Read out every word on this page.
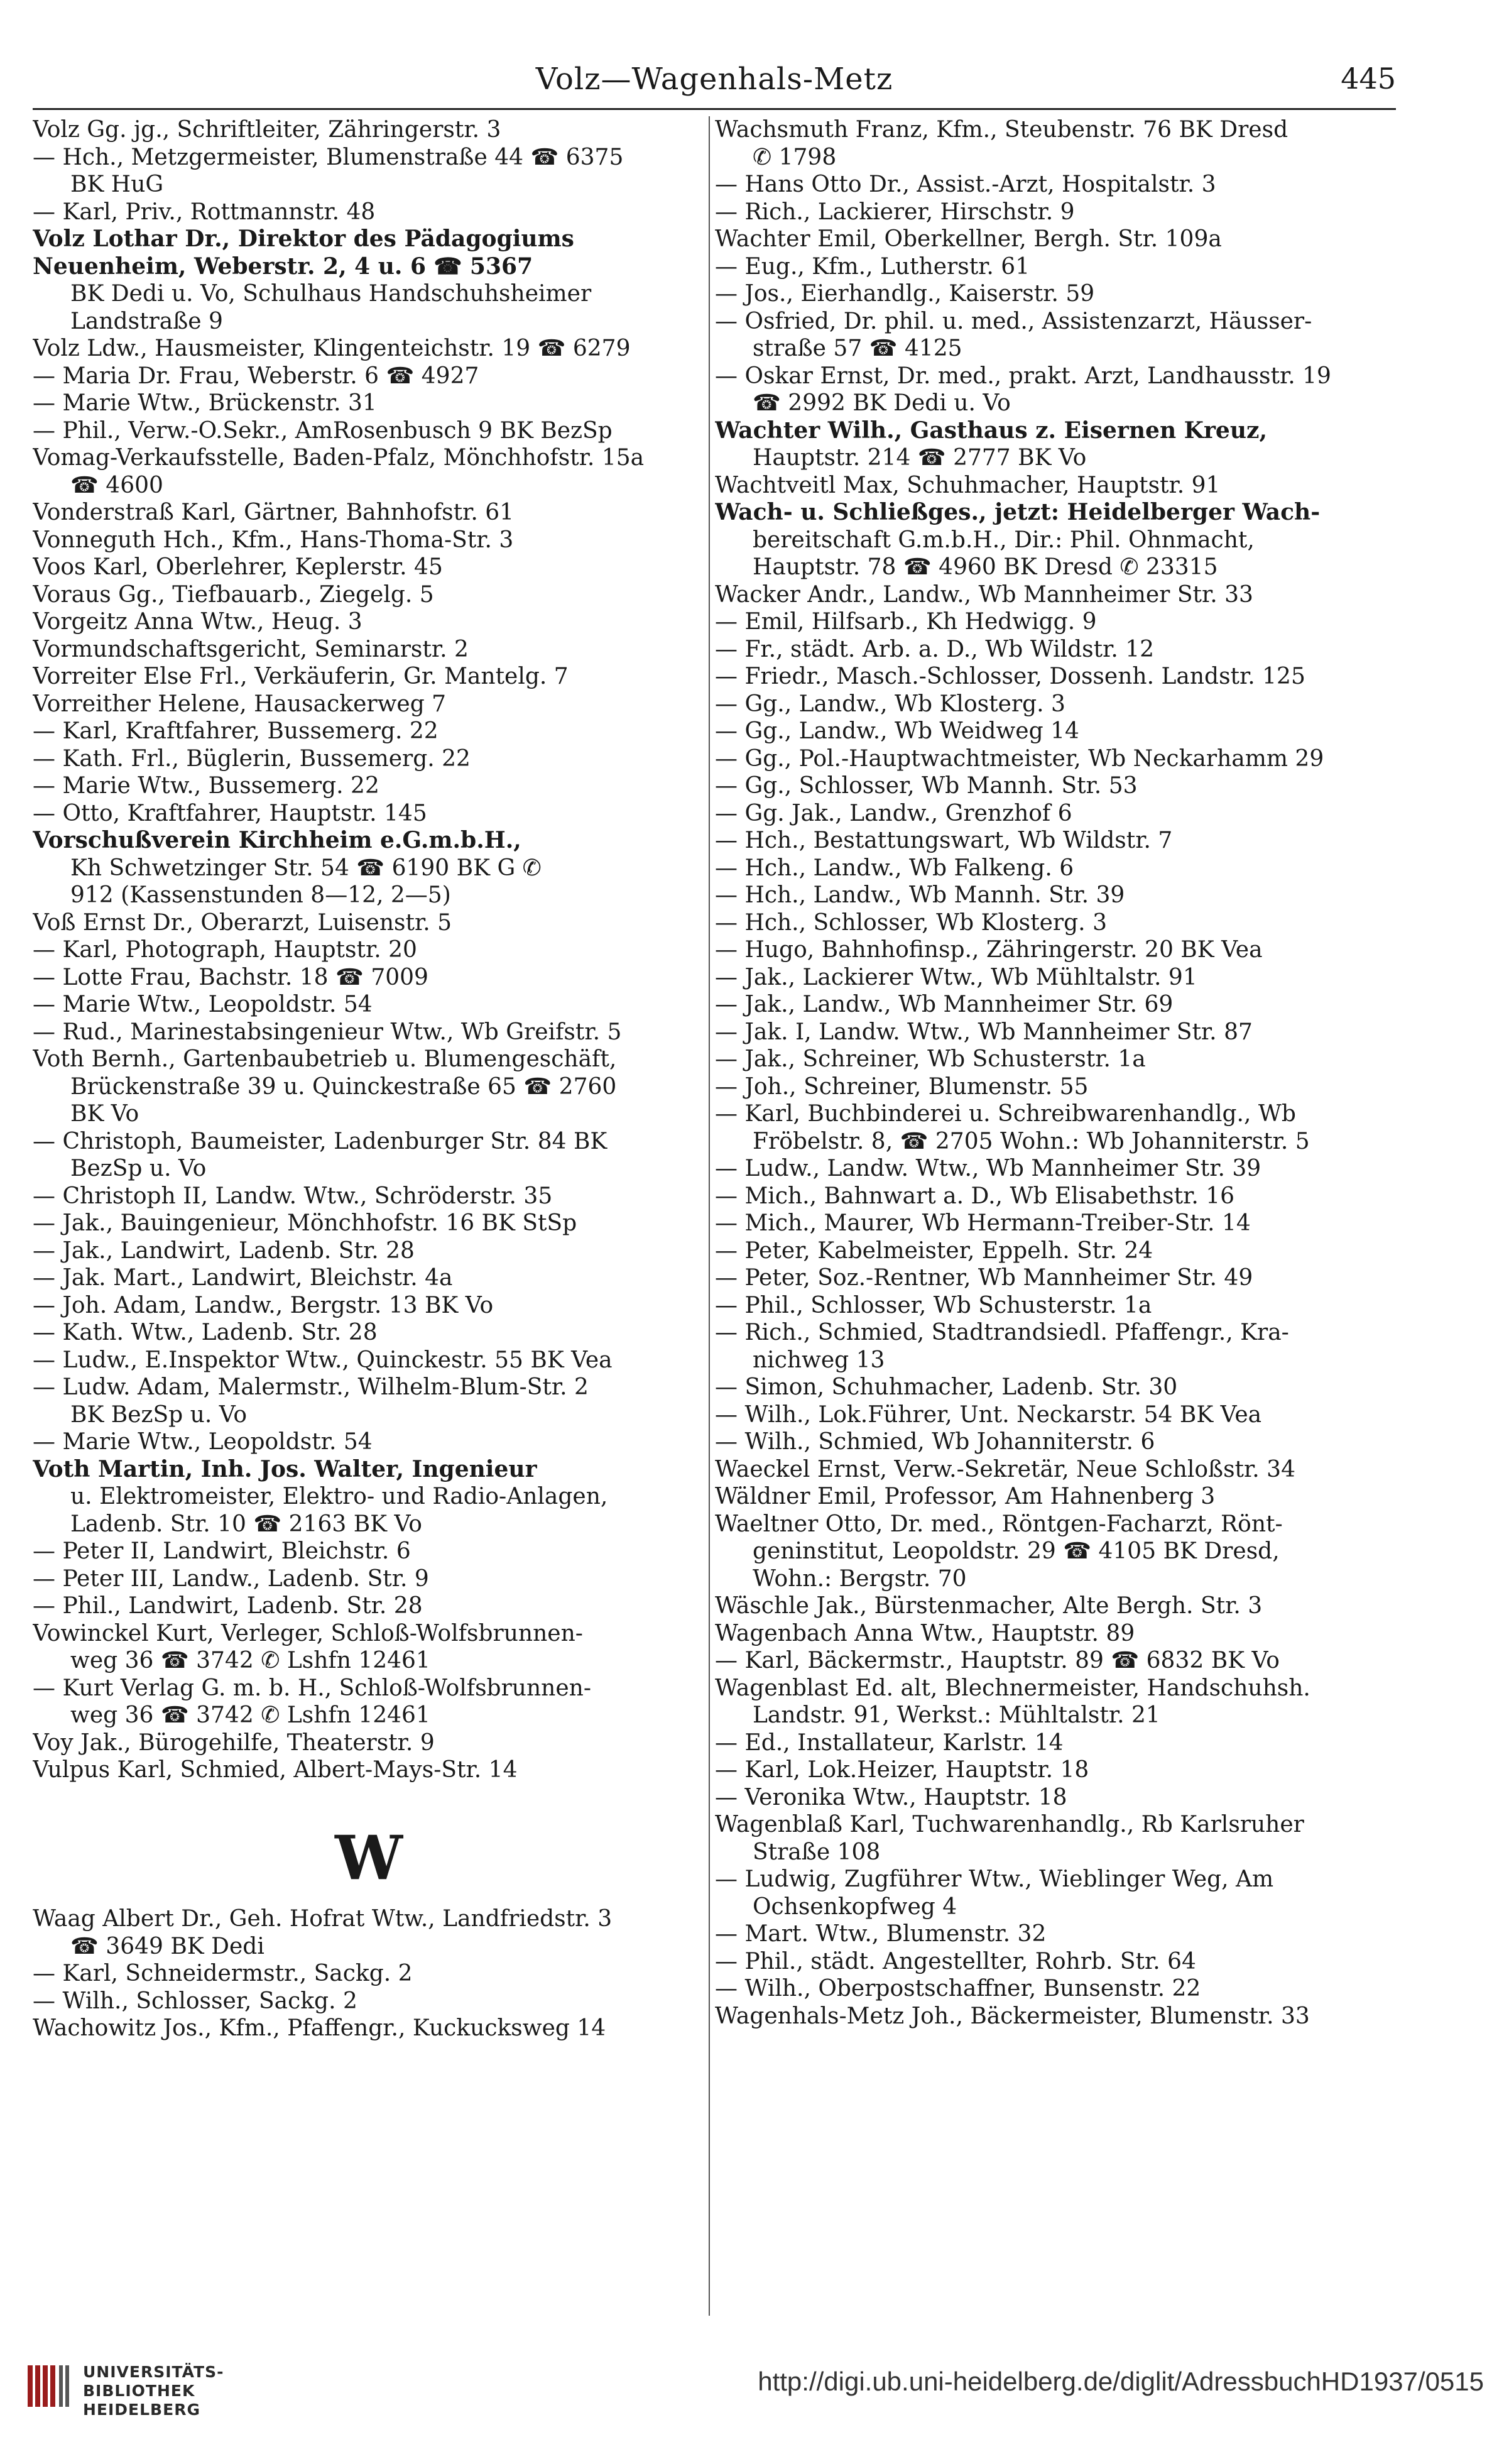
Volz—Wagenhals-Metz	445
Volz Gg. jg., Schriftleiter, Zähringerstr. 3
— Hch., Metzgermeister, Blumenstraße 44 ☎ 6375
BK HuG
— Karl, Priv., Rottmannstr. 48
Volz Lothar Dr., Direktor des Pädagogiums
Neuenheim, Weberstr. 2, 4 u. 6 ☎ 5367
BK Dedi u. Vo, Schulhaus Handschuhsheimer
Landstraße 9
Volz Ldw., Hausmeister, Klingenteichstr. 19 ☎ 6279
— Maria Dr. Frau, Weberstr. 6 ☎ 4927
— Marie Wtw., Brückenstr. 31
— Phil., Verw.-O.Sekr., AmRosenbusch 9 BK BezSp
Vomag-Verkaufsstelle, Baden-Pfalz, Mönchhofstr. 15a
☎ 4600
Vonderstraß Karl, Gärtner, Bahnhofstr. 61
Vonneguth Hch., Kfm., Hans-Thoma-Str. 3
Voos Karl, Oberlehrer, Keplerstr. 45
Voraus Gg., Tiefbauarb., Ziegelg. 5
Vorgeitz Anna Wtw., Heug. 3
Vormundschaftsgericht, Seminarstr. 2
Vorreiter Else Frl., Verkäuferin, Gr. Mantelg. 7
Vorreither Helene, Hausackerweg 7
— Karl, Kraftfahrer, Bussemerg. 22
— Kath. Frl., Büglerin, Bussemerg. 22
— Marie Wtw., Bussemerg. 22
— Otto, Kraftfahrer, Hauptstr. 145
Vorschußverein Kirchheim e.G.m.b.H.,
Kh Schwetzinger Str. 54 ☎ 6190 BK G ✆
912 (Kassenstunden 8—12, 2—5)
Voß Ernst Dr., Oberarzt, Luisenstr. 5
— Karl, Photograph, Hauptstr. 20
— Lotte Frau, Bachstr. 18 ☎ 7009
— Marie Wtw., Leopoldstr. 54
— Rud., Marinestabsingenieur Wtw., Wb Greifstr. 5
Voth Bernh., Gartenbaubetrieb u. Blumengeschäft,
Brückenstraße 39 u. Quinckestraße 65 ☎ 2760
BK Vo
— Christoph, Baumeister, Ladenburger Str. 84 BK
BezSp u. Vo
— Christoph II, Landw. Wtw., Schröderstr. 35
— Jak., Bauingenieur, Mönchhofstr. 16 BK StSp
— Jak., Landwirt, Ladenb. Str. 28
— Jak. Mart., Landwirt, Bleichstr. 4a
— Joh. Adam, Landw., Bergstr. 13 BK Vo
— Kath. Wtw., Ladenb. Str. 28
— Ludw., E.Inspektor Wtw., Quinckestr. 55 BK Vea
— Ludw. Adam, Malermstr., Wilhelm-Blum-Str. 2
BK BezSp u. Vo
— Marie Wtw., Leopoldstr. 54
Voth Martin, Inh. Jos. Walter, Ingenieur
u. Elektromeister, Elektro- und Radio-Anlagen,
Ladenb. Str. 10 ☎ 2163 BK Vo
— Peter II, Landwirt, Bleichstr. 6
— Peter III, Landw., Ladenb. Str. 9
— Phil., Landwirt, Ladenb. Str. 28
Vowinckel Kurt, Verleger, Schloß-Wolfsbrunnen-
weg 36 ☎ 3742 ✆ Lshfn 12461
— Kurt Verlag G. m. b. H., Schloß-Wolfsbrunnen-
weg 36 ☎ 3742 ✆ Lshfn 12461
Voy Jak., Bürogehilfe, Theaterstr. 9
Vulpus Karl, Schmied, Albert-Mays-Str. 14
W
Waag Albert Dr., Geh. Hofrat Wtw., Landfriedstr. 3
☎ 3649 BK Dedi
— Karl, Schneidermstr., Sackg. 2
— Wilh., Schlosser, Sackg. 2
Wachowitz Jos., Kfm., Pfaffengr., Kuckucksweg 14
Wachsmuth Franz, Kfm., Steubenstr. 76 BK Dresd
✆ 1798
— Hans Otto Dr., Assist.-Arzt, Hospitalstr. 3
— Rich., Lackierer, Hirschstr. 9
Wachter Emil, Oberkellner, Bergh. Str. 109a
— Eug., Kfm., Lutherstr. 61
— Jos., Eierhandlg., Kaiserstr. 59
— Osfried, Dr. phil. u. med., Assistenzarzt, Häusser-
straße 57 ☎ 4125
— Oskar Ernst, Dr. med., prakt. Arzt, Landhausstr. 19
☎ 2992 BK Dedi u. Vo
Wachter Wilh., Gasthaus z. Eisernen Kreuz,
Hauptstr. 214 ☎ 2777 BK Vo
Wachtveitl Max, Schuhmacher, Hauptstr. 91
Wach- u. Schließges., jetzt: Heidelberger Wach-
bereitschaft G.m.b.H., Dir.: Phil. Ohnmacht,
Hauptstr. 78 ☎ 4960 BK Dresd ✆ 23315
Wacker Andr., Landw., Wb Mannheimer Str. 33
— Emil, Hilfsarb., Kh Hedwigg. 9
— Fr., städt. Arb. a. D., Wb Wildstr. 12
— Friedr., Masch.-Schlosser, Dossenh. Landstr. 125
— Gg., Landw., Wb Klosterg. 3
— Gg., Landw., Wb Weidweg 14
— Gg., Pol.-Hauptwachtmeister, Wb Neckarhamm 29
— Gg., Schlosser, Wb Mannh. Str. 53
— Gg. Jak., Landw., Grenzhof 6
— Hch., Bestattungswart, Wb Wildstr. 7
— Hch., Landw., Wb Falkeng. 6
— Hch., Landw., Wb Mannh. Str. 39
— Hch., Schlosser, Wb Klosterg. 3
— Hugo, Bahnhofinsp., Zähringerstr. 20 BK Vea
— Jak., Lackierer Wtw., Wb Mühltalstr. 91
— Jak., Landw., Wb Mannheimer Str. 69
— Jak. I, Landw. Wtw., Wb Mannheimer Str. 87
— Jak., Schreiner, Wb Schusterstr. 1a
— Joh., Schreiner, Blumenstr. 55
— Karl, Buchbinderei u. Schreibwarenhandlg., Wb
Fröbelstr. 8, ☎ 2705 Wohn.: Wb Johanniterstr. 5
— Ludw., Landw. Wtw., Wb Mannheimer Str. 39
— Mich., Bahnwart a. D., Wb Elisabethstr. 16
— Mich., Maurer, Wb Hermann-Treiber-Str. 14
— Peter, Kabelmeister, Eppelh. Str. 24
— Peter, Soz.-Rentner, Wb Mannheimer Str. 49
— Phil., Schlosser, Wb Schusterstr. 1a
— Rich., Schmied, Stadtrandsiedl. Pfaffengr., Kra-
nichweg 13
— Simon, Schuhmacher, Ladenb. Str. 30
— Wilh., Lok.Führer, Unt. Neckarstr. 54 BK Vea
— Wilh., Schmied, Wb Johanniterstr. 6
Waeckel Ernst, Verw.-Sekretär, Neue Schloßstr. 34
Wäldner Emil, Professor, Am Hahnenberg 3
Waeltner Otto, Dr. med., Röntgen-Facharzt, Rönt-
geninstitut, Leopoldstr. 29 ☎ 4105 BK Dresd,
Wohn.: Bergstr. 70
Wäschle Jak., Bürstenmacher, Alte Bergh. Str. 3
Wagenbach Anna Wtw., Hauptstr. 89
— Karl, Bäckermstr., Hauptstr. 89 ☎ 6832 BK Vo
Wagenblast Ed. alt, Blechnermeister, Handschuhsh.
Landstr. 91, Werkst.: Mühltalstr. 21
— Ed., Installateur, Karlstr. 14
— Karl, Lok.Heizer, Hauptstr. 18
— Veronika Wtw., Hauptstr. 18
Wagenblaß Karl, Tuchwarenhandlg., Rb Karlsruher
Straße 108
— Ludwig, Zugführer Wtw., Wieblinger Weg, Am
Ochsenkopfweg 4
— Mart. Wtw., Blumenstr. 32
— Phil., städt. Angestellter, Rohrb. Str. 64
— Wilh., Oberpostschaffner, Bunsenstr. 22
Wagenhals-Metz Joh., Bäckermeister, Blumenstr. 33
UNIVERSITÄTS-
BIBLIOTHEK
HEIDELBERG
http://digi.ub.uni-heidelberg.de/diglit/AdressbuchHD1937/0515
